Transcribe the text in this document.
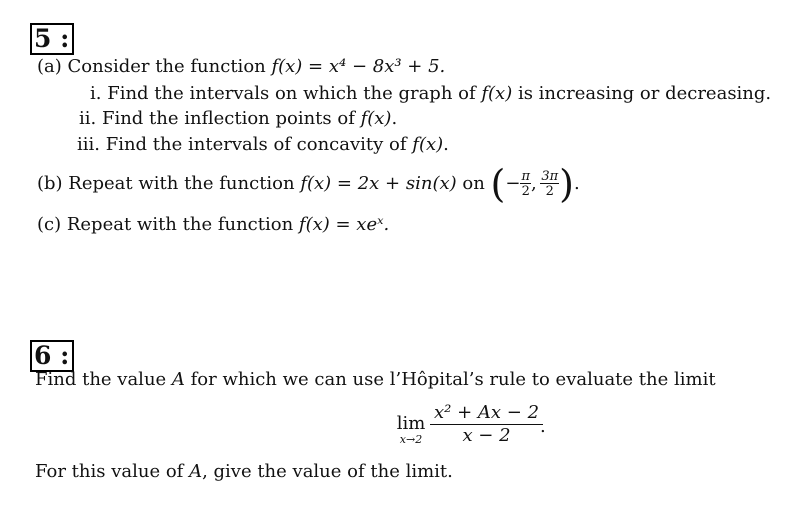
5 :
(a) Consider the function f(x) = x⁴ − 8x³ + 5.
i. Find the intervals on which the graph of f(x) is increasing or decreasing.
ii. Find the inflection points of f(x).
iii. Find the intervals of concavity of f(x).
(b) Repeat with the function f(x) = 2x + sin(x) on (− $\frac{\pi}{2}$ ,  $\frac{3\pi}{2}$ ).
(c) Repeat with the function f(x) = xeˣ.
6 :
Find the value A for which we can use l’Hôpital’s rule to evaluate the limit
lim
$x\to 2 \frac{\text{x² + Ax − 2}}{x - 2}$
.
For this value of A, give the value of the limit.
